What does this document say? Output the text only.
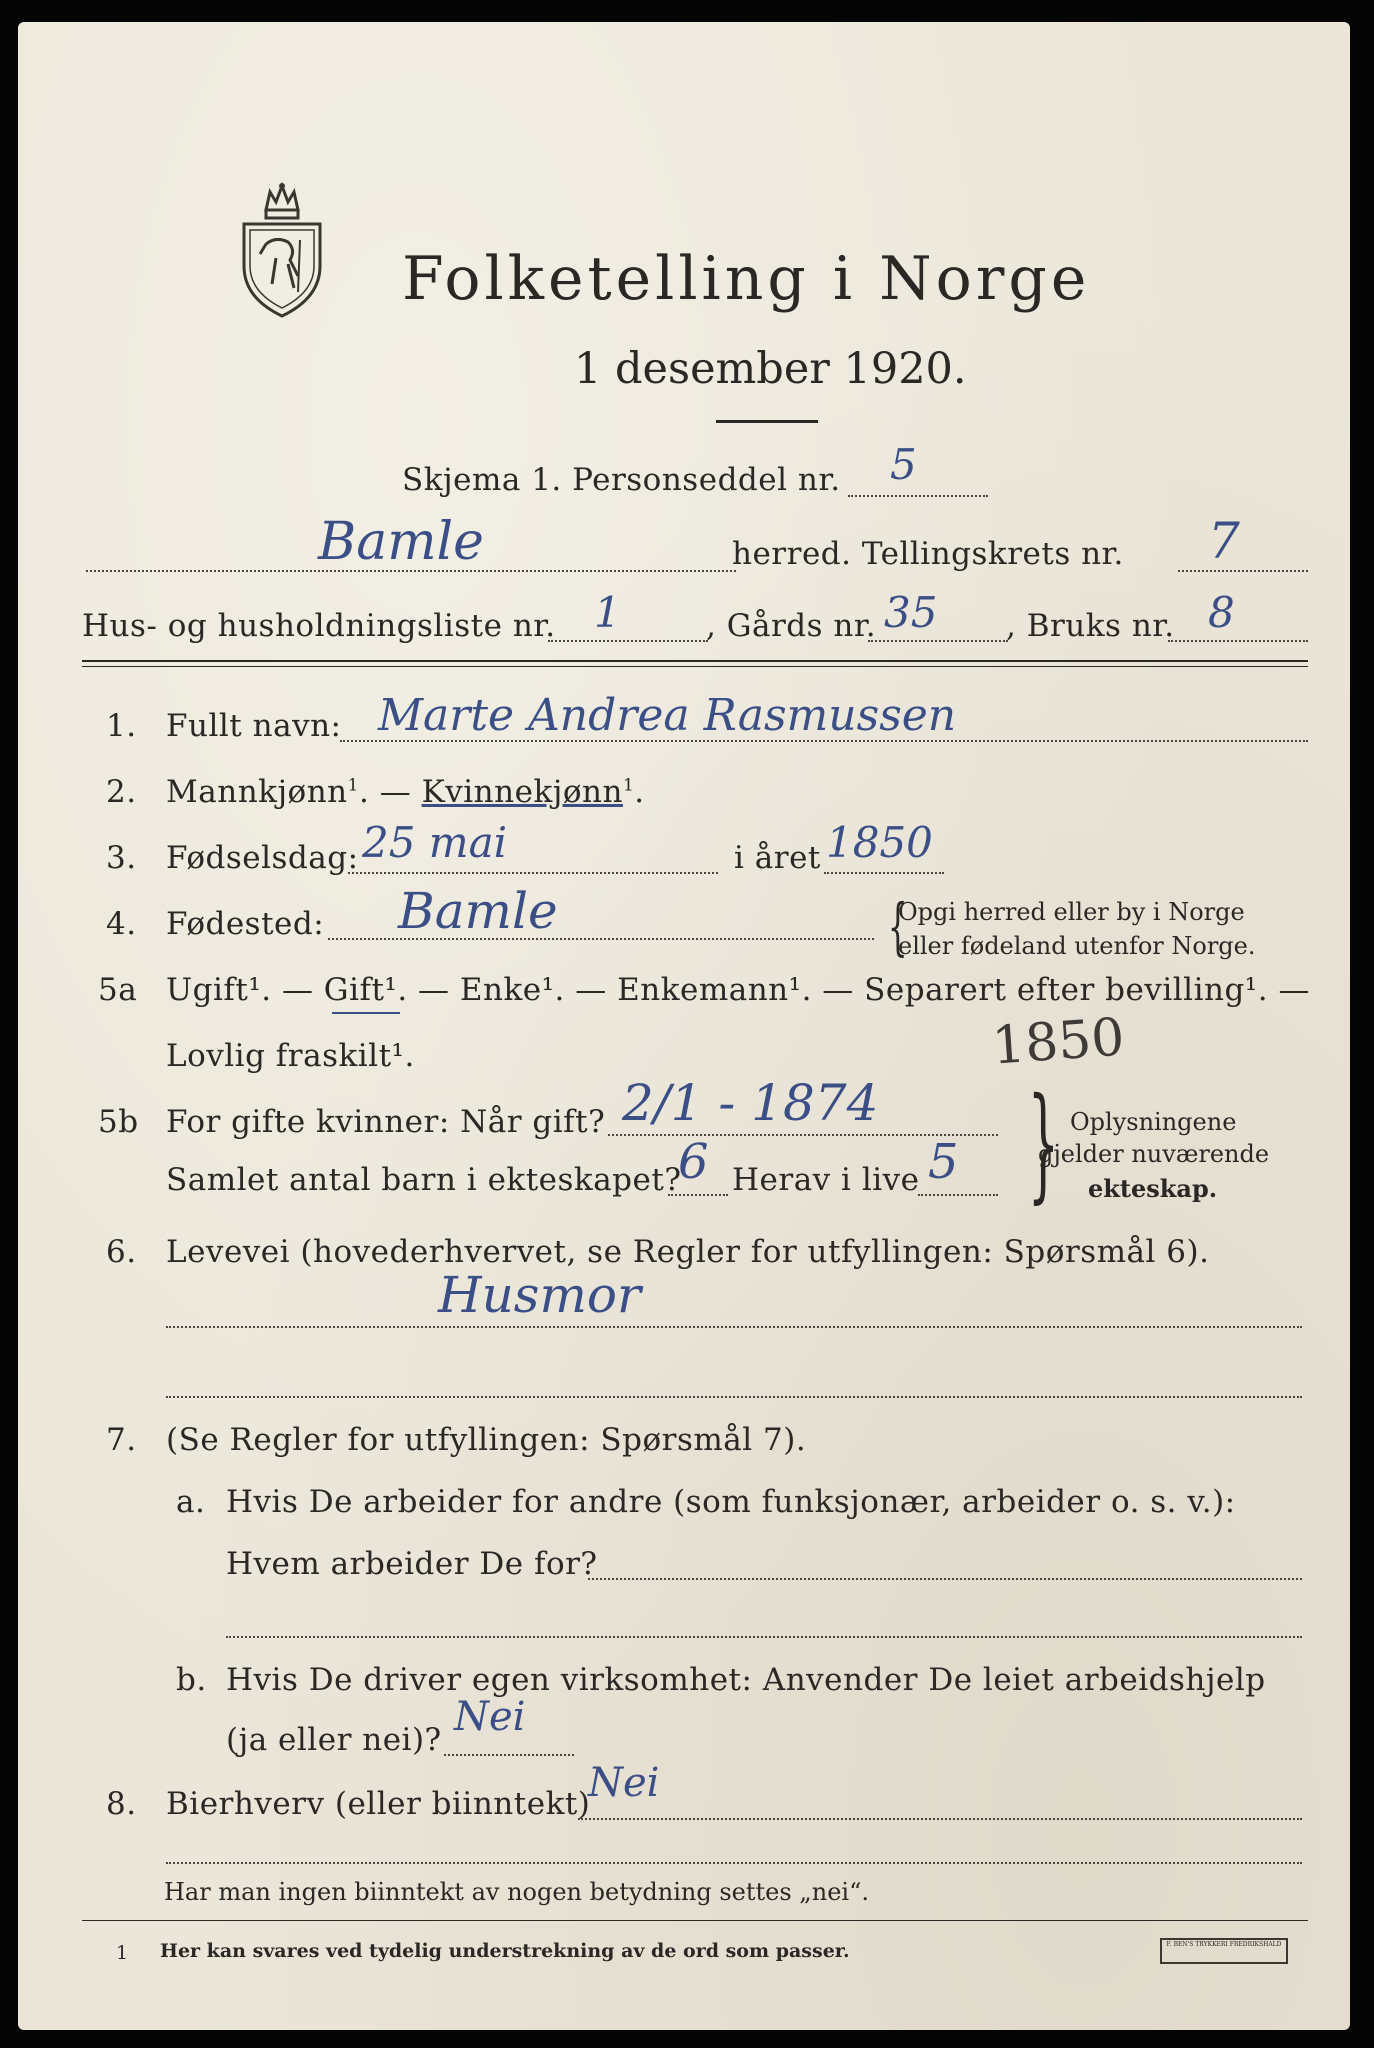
Folketelling i Norge
1 desember 1920.
Skjema 1. Personseddel nr. 5
Bamle	herred. Tellingskrets nr. 7
Hus- og husholdningsliste nr. 1	, Gårds nr. 35 , Bruks nr. 8
1. Fullt navn: Marte Andrea Rasmussen
2. Mannkjønn$^1$. — Kvinnekjønn$^1$.
3. Fødselsdag: 25 mai	i året 1850
4. Fødested: Bamle	{
Opgi herred eller by i Norge
eller fødeland utenfor Norge.
5a Ugift¹. — Gift¹. — Enke¹. — Enkemann¹. — Separert efter bevilling¹. —
Lovlig fraskilt¹.	1850
5b For gifte kvinner: Når gift? 2/1 - 1874
Samlet antal barn i ekteskapet?
6 Herav i live 5 } Oplysningene
gjelder nuværende
ekteskap.
6. Levevei (hovederhvervet, se Regler for utfyllingen: Spørsmål 6).
Husmor
7. (Se Regler for utfyllingen: Spørsmål 7).
a. Hvis De arbeider for andre (som funksjonær, arbeider o. s. v.):
Hvem arbeider De for?
b. Hvis De driver egen virksomhet: Anvender De leiet arbeidshjelp
(ja eller nei)? Nei
8. Bierhverv (eller biinntekt)
Nei
Har man ingen biinntekt av nogen betydning settes „nei“.
1 Her kan svares ved tydelig understrekning av de ord som passer.	F. BEN'S TRYKKERI FREDRIKSHALD
